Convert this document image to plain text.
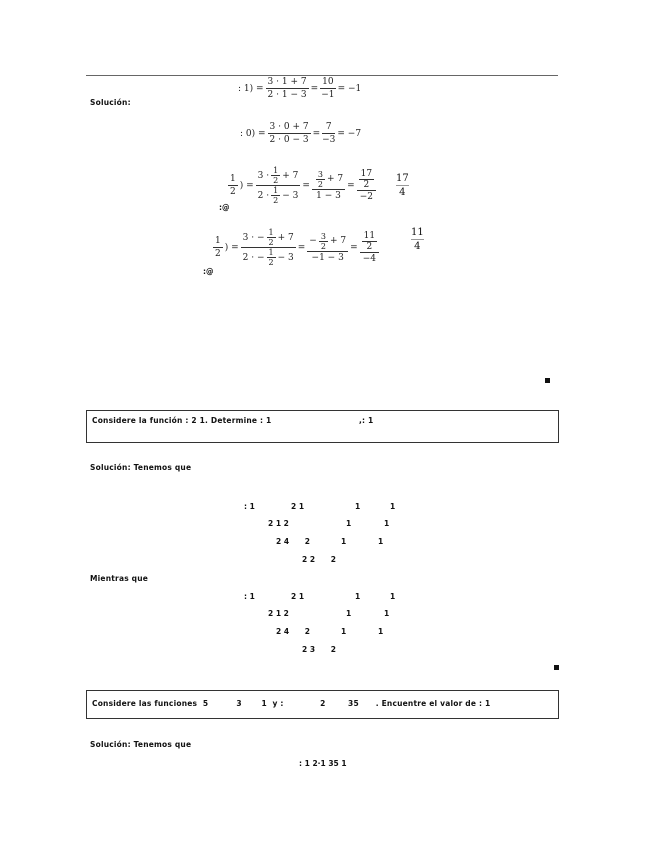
Solución:
: $1) = \frac{3 \cdot 1 + 7}{2 \cdot 1 - 3} = \frac{10}{-1} = -1$
: $0) = \frac{3 \cdot 0 + 7}{2 \cdot 0 - 3} = \frac{7}{-3} = -7$
:@
$\frac{1}{2}$ ) = $\frac{3 \cdot \frac{1}{2} + 7}{2 \cdot \frac{1}{2} - 3} = \frac{\frac{3}{2} + 7}{1 - 3} = 17$
2
$-2 \frac{17}{4}$
:@
$\frac{1}{2}$ ) = $\frac{3 \cdot - \frac{1}{2} + 7}{2 \cdot - \frac{1}{2} - 3} = \frac{- \frac{3}{2} + 7}{-1 - 3} = 11$
2
−4	$\frac{11}{4}$
Considere la función : 2 1. Determine : 1	,: 1
Solución: Tenemos que
: 1	2 1	1	1
2 1 2	1	1
2 4      2	1	1
2 2      2
Mientras que
: 1	2 1	1	1
2 1 2	1	1
2 4      2	1	1
2 3      2
Considere las funciones  5          3       1  y :             2        35      . Encuentre el valor de : 1
Solución: Tenemos que
: 1 2·1 35 1
